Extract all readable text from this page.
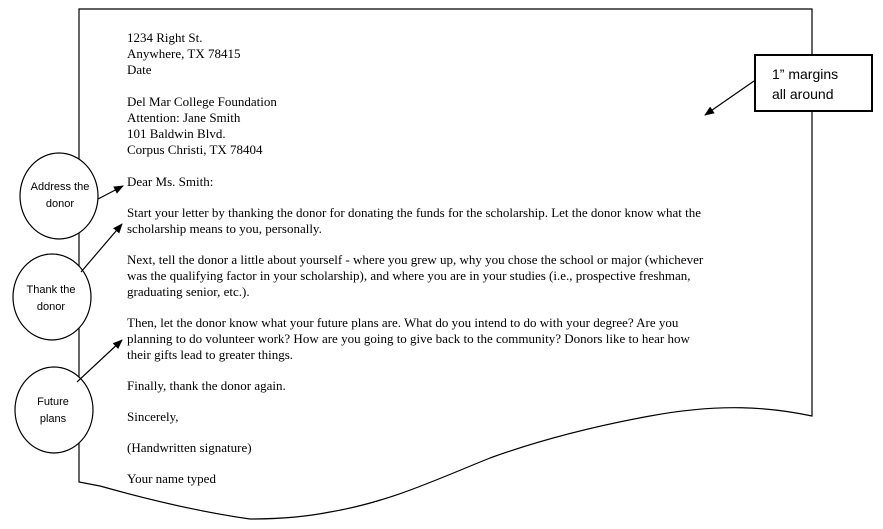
1234 Right St.
Anywhere, TX 78415
Date
Del Mar College Foundation
Attention: Jane Smith
101 Baldwin Blvd.
Corpus Christi, TX 78404

Dear Ms. Smith:

Start your letter by thanking the donor for donating the funds for the scholarship. Let the donor know what the
scholarship means to you, personally.

Next, tell the donor a little about yourself - where you grew up, why you chose the school or major (whichever
was the qualifying factor in your scholarship), and where you are in your studies (i.e., prospective freshman,
graduating senior, etc.).

Then, let the donor know what your future plans are. What do you intend to do with your degree? Are you
planning to do volunteer work? How are you going to give back to the community? Donors like to hear how
their gifts lead to greater things.

Finally, thank the donor again.

Sincerely,

(Handwritten signature)

Your name typed

1” margins
all around
Address the
donor
Thank the
donor
Future
plans
